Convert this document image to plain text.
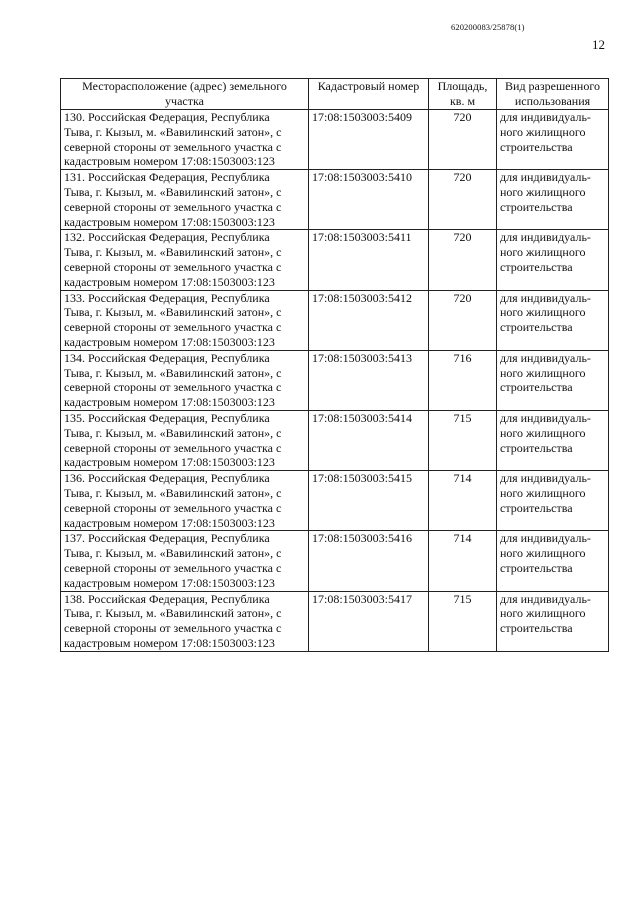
620200083/25878(1)
12
Месторасположение (адрес) земельного участка	Кадастровый номер	Площадь, кв. м	Вид разрешенного использования

130. Российская Федерация, Республика
Тыва, г. Кызыл, м. «Вавилинский затон», с
северной стороны от земельного участка с
кадастровым номером 17:08:1503003:123	17:08:1503003:5409	720	для индивидуаль-
ного жилищного
строительства

131. Российская Федерация, Республика
Тыва, г. Кызыл, м. «Вавилинский затон», с
северной стороны от земельного участка с
кадастровым номером 17:08:1503003:123	17:08:1503003:5410	720	для индивидуаль-
ного жилищного
строительства

132. Российская Федерация, Республика
Тыва, г. Кызыл, м. «Вавилинский затон», с
северной стороны от земельного участка с
кадастровым номером 17:08:1503003:123	17:08:1503003:5411	720	для индивидуаль-
ного жилищного
строительства

133. Российская Федерация, Республика
Тыва, г. Кызыл, м. «Вавилинский затон», с
северной стороны от земельного участка с
кадастровым номером 17:08:1503003:123	17:08:1503003:5412	720	для индивидуаль-
ного жилищного
строительства

134. Российская Федерация, Республика
Тыва, г. Кызыл, м. «Вавилинский затон», с
северной стороны от земельного участка с
кадастровым номером 17:08:1503003:123	17:08:1503003:5413	716	для индивидуаль-
ного жилищного
строительства

135. Российская Федерация, Республика
Тыва, г. Кызыл, м. «Вавилинский затон», с
северной стороны от земельного участка с
кадастровым номером 17:08:1503003:123	17:08:1503003:5414	715	для индивидуаль-
ного жилищного
строительства

136. Российская Федерация, Республика
Тыва, г. Кызыл, м. «Вавилинский затон», с
северной стороны от земельного участка с
кадастровым номером 17:08:1503003:123	17:08:1503003:5415	714	для индивидуаль-
ного жилищного
строительства

137. Российская Федерация, Республика
Тыва, г. Кызыл, м. «Вавилинский затон», с
северной стороны от земельного участка с
кадастровым номером 17:08:1503003:123	17:08:1503003:5416	714	для индивидуаль-
ного жилищного
строительства

138. Российская Федерация, Республика
Тыва, г. Кызыл, м. «Вавилинский затон», с
северной стороны от земельного участка с
кадастровым номером 17:08:1503003:123	17:08:1503003:5417	715	для индивидуаль-
ного жилищного
строительства
